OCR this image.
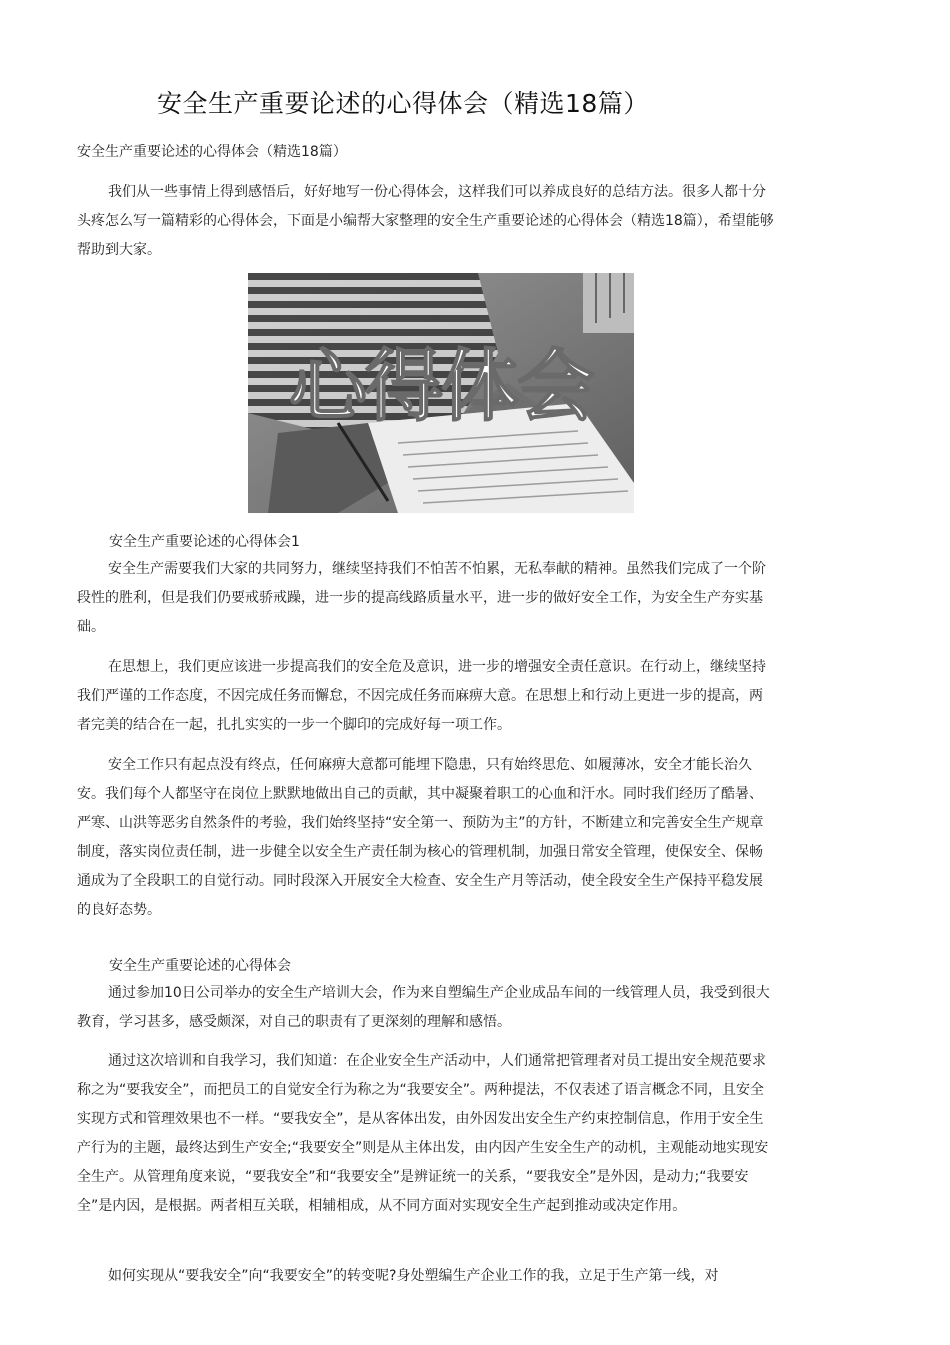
安全生产重要论述的心得体会（精选18篇）
安全生产重要论述的心得体会（精选18篇）

我们从一些事情上得到感悟后，好好地写一份心得体会，这样我们可以养成良好的总结方法。很多人都十分头疼怎么写一篇精彩的心得体会，下面是小编帮大家整理的安全生产重要论述的心得体会（精选18篇），希望能够帮助到大家。

心得体会
安全生产重要论述的心得体会1

安全生产需要我们大家的共同努力，继续坚持我们不怕苦不怕累，无私奉献的精神。虽然我们完成了一个阶段性的胜利，但是我们仍要戒骄戒躁，进一步的提高线路质量水平，进一步的做好安全工作，为安全生产夯实基础。

在思想上，我们更应该进一步提高我们的安全危及意识，进一步的增强安全责任意识。在行动上，继续坚持我们严谨的工作态度，不因完成任务而懈怠，不因完成任务而麻痹大意。在思想上和行动上更进一步的提高，两者完美的结合在一起，扎扎实实的一步一个脚印的完成好每一项工作。

安全工作只有起点没有终点，任何麻痹大意都可能埋下隐患，只有始终思危、如履薄冰，安全才能长治久安。我们每个人都坚守在岗位上默默地做出自己的贡献，其中凝聚着职工的心血和汗水。同时我们经历了酷暑、严寒、山洪等恶劣自然条件的考验，我们始终坚持“安全第一、预防为主”的方针，不断建立和完善安全生产规章制度，落实岗位责任制，进一步健全以安全生产责任制为核心的管理机制，加强日常安全管理，使保安全、保畅通成为了全段职工的自觉行动。同时段深入开展安全大检查、安全生产月等活动，使全段安全生产保持平稳发展的良好态势。

安全生产重要论述的心得体会

通过参加10日公司举办的安全生产培训大会，作为来自塑编生产企业成品车间的一线管理人员，我受到很大教育，学习甚多，感受颇深，对自己的职责有了更深刻的理解和感悟。

通过这次培训和自我学习，我们知道：在企业安全生产活动中，人们通常把管理者对员工提出安全规范要求称之为“要我安全”，而把员工的自觉安全行为称之为“我要安全”。两种提法，不仅表述了语言概念不同，且安全实现方式和管理效果也不一样。“要我安全”，是从客体出发，由外因发出安全生产约束控制信息，作用于安全生产行为的主题，最终达到生产安全;“我要安全”则是从主体出发，由内因产生安全生产的动机，主观能动地实现安全生产。从管理角度来说，“要我安全”和“我要安全”是辨证统一的关系，“要我安全”是外因，是动力;“我要安全”是内因，是根据。两者相互关联，相辅相成，从不同方面对实现安全生产起到推动或决定作用。

如何实现从“要我安全”向“我要安全”的转变呢?身处塑编生产企业工作的我，立足于生产第一线，对
